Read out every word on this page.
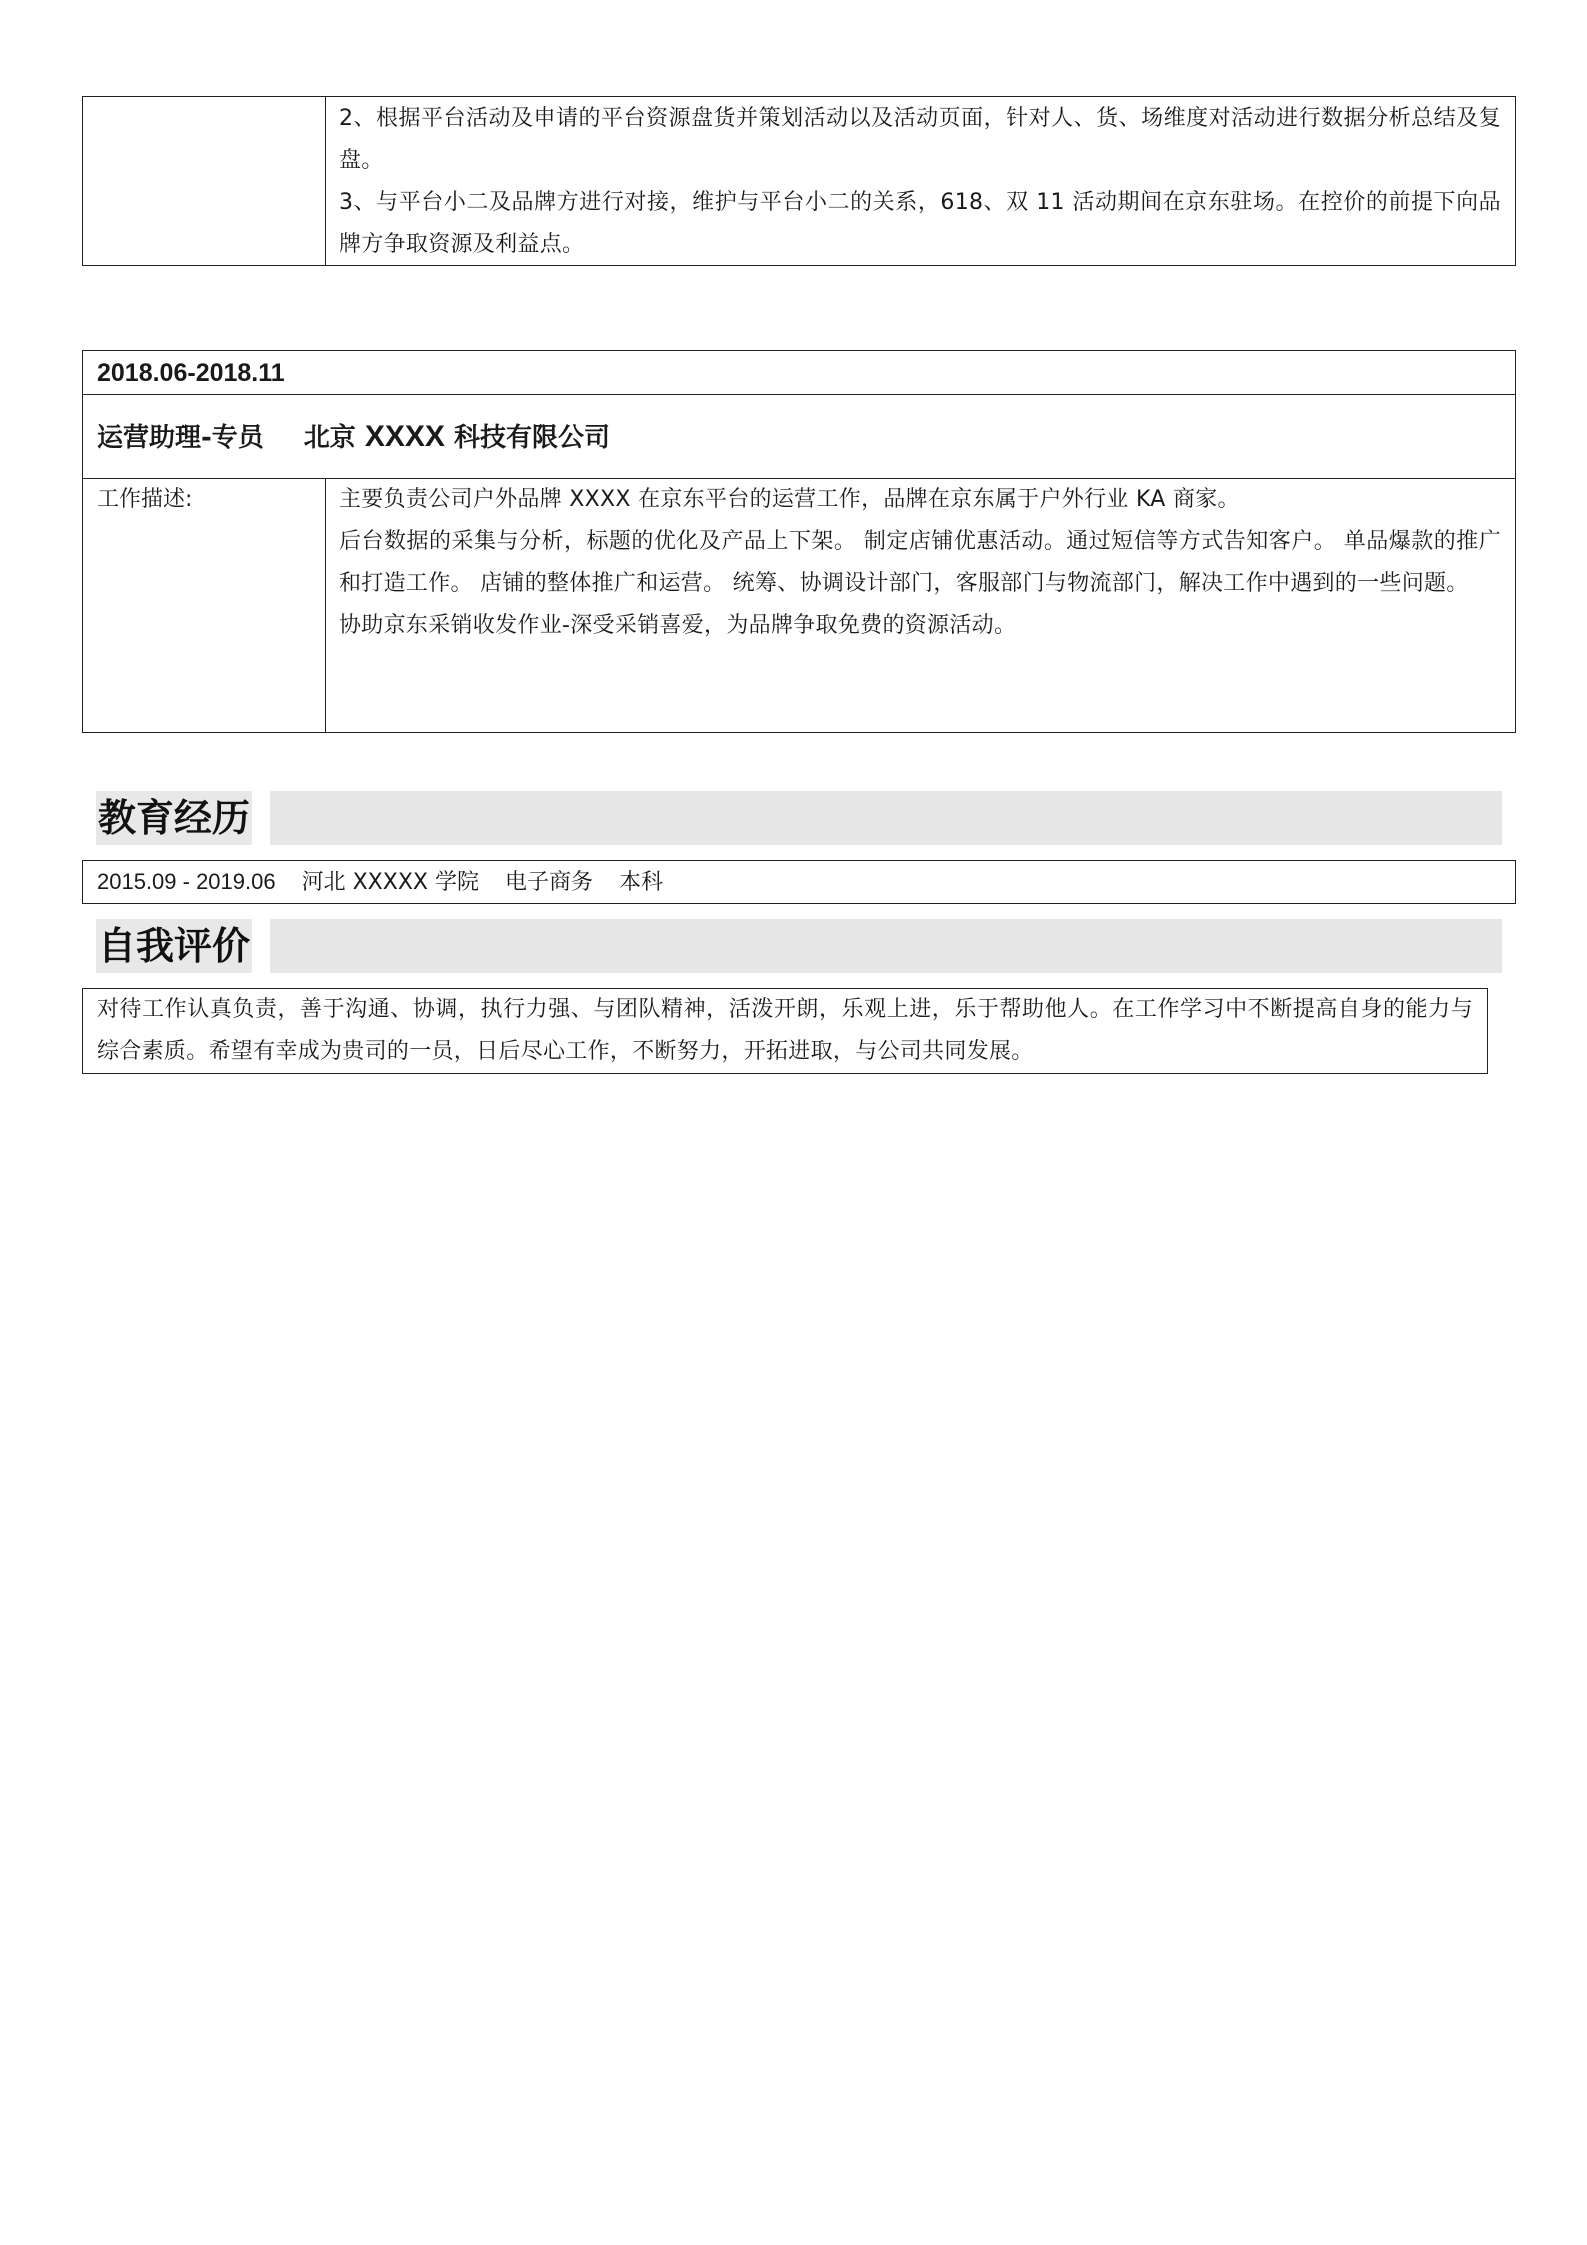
2、根据平台活动及申请的平台资源盘货并策划活动以及活动页面，针对人、货、场维度对活动进行数据分析总结及复盘。

3、与平台小二及品牌方进行对接，维护与平台小二的关系，618、双 11 活动期间在京东驻场。在控价的前提下向品牌方争取资源及利益点。

2018.06-2018.11
运营助理-专员 北京 XXXX 科技有限公司
工作描述:	主要负责公司户外品牌 XXXX 在京东平台的运营工作，品牌在京东属于户外行业 KA 商家。

后台数据的采集与分析，标题的优化及产品上下架。 制定店铺优惠活动。通过短信等方式告知客户。 单品爆款的推广和打造工作。 店铺的整体推广和运营。 统筹、协调设计部门，客服部门与物流部门，解决工作中遇到的一些问题。

协助京东采销收发作业-深受采销喜爱，为品牌争取免费的资源活动。

教育经历
2015.09 - 2019.06 河北 XXXXX 学院 电子商务 本科
自我评价

对待工作认真负责，善于沟通、协调，执行力强、与团队精神，活泼开朗，乐观上进，乐于帮助他人。在工作学习中不断提高自身的能力与综合素质。希望有幸成为贵司的一员，日后尽心工作，不断努力，开拓进取，与公司共同发展。
